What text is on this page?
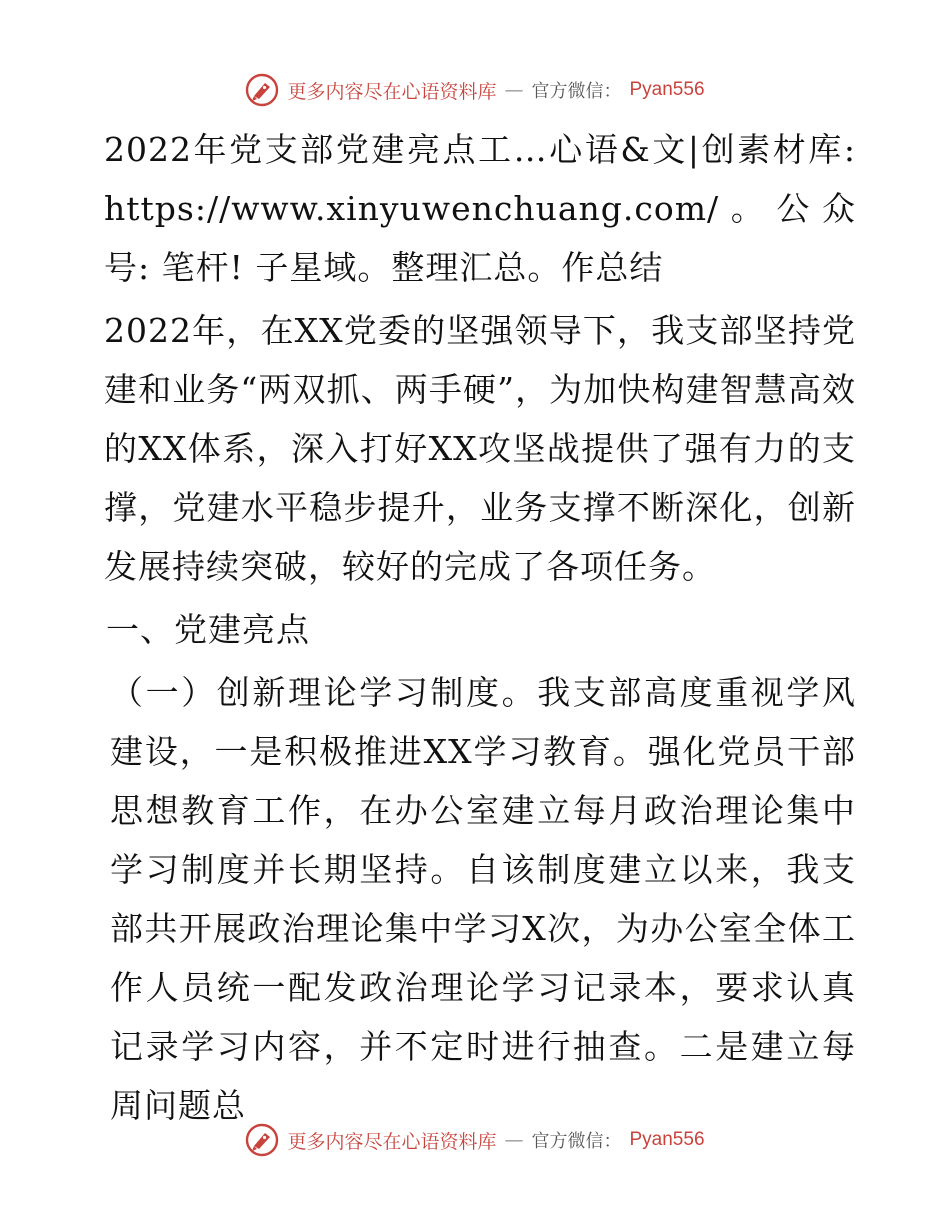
更多内容尽在心语资料库 — 官方微信： Pyan556

2022年党支部党建亮点工…心语&文|创素材库: https://www.xinyuwenchuang.com/。公众号: 笔杆! 子星域。整理汇总。作总结

2022年，在XX党委的坚强领导下，我支部坚持党建和业务“两双抓、两手硬”，为加快构建智慧高效的XX体系，深入打好XX攻坚战提供了强有力的支撑，党建水平稳步提升，业务支撑不断深化，创新发展持续突破，较好的完成了各项任务。

一、党建亮点

（一）创新理论学习制度。我支部高度重视学风建设，一是积极推进XX学习教育。强化党员干部思想教育工作，在办公室建立每月政治理论集中学习制度并长期坚持。自该制度建立以来，我支部共开展政治理论集中学习X次，为办公室全体工作人员统一配发政治理论学习记录本，要求认真记录学习内容，并不定时进行抽查。二是建立每周问题总

更多内容尽在心语资料库 — 官方微信： Pyan556
